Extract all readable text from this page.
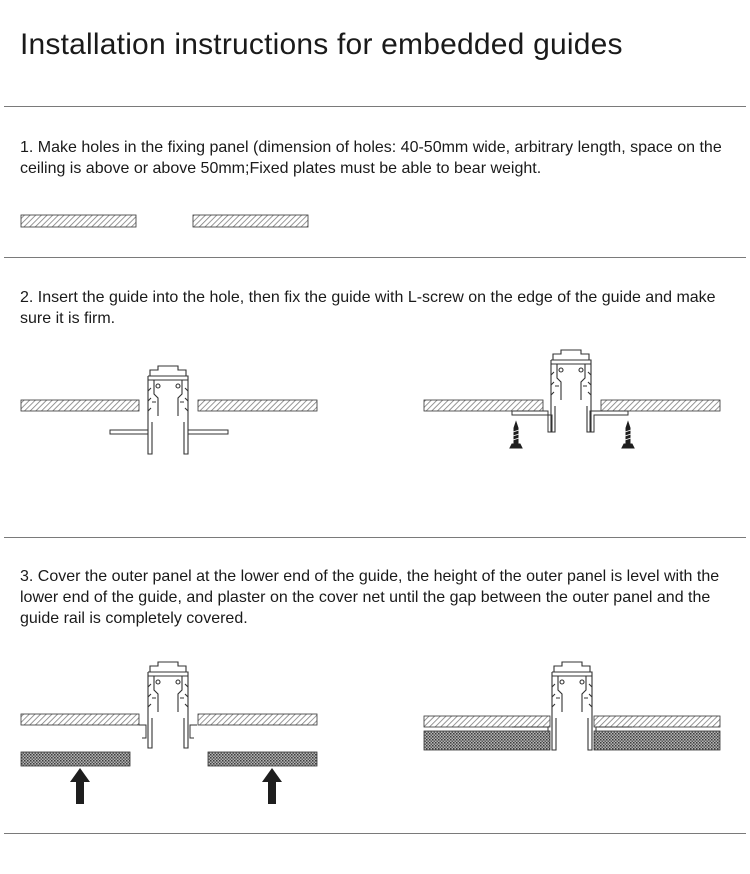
Installation instructions for embedded guides

1. Make holes in the fixing panel (dimension of holes: 40-50mm wide, arbitrary length, space on the ceiling is above or above 50mm;Fixed plates must be able to bear weight.

2. Insert the guide into the hole, then fix the guide with L-screw on the edge of the guide and make sure it is firm.

3. Cover the outer panel at the lower end of the guide, the height of the outer panel is level with the lower end of the guide, and plaster on the cover net until the gap between the outer panel and the guide rail is completely covered.
